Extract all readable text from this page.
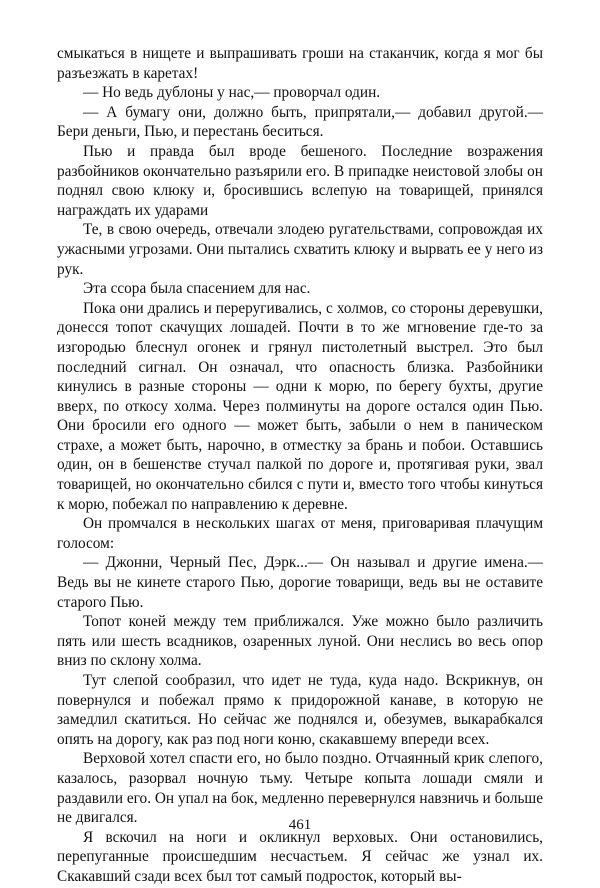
смыкаться в нищете и выпрашивать гроши на стаканчик, когда я мог бы разъезжать в каретах!

— Но ведь дублоны у нас,— проворчал один.

— А бумагу они, должно быть, припрятали,— добавил другой.— Бери деньги, Пью, и перестань беситься.

Пью и правда был вроде бешеного. Последние возражения разбойников окончательно разъярили его. В припадке неистовой злобы он поднял свою клюку и, бросившись вслепую на товарищей, принялся награждать их ударами

Те, в свою очередь, отвечали злодею ругательствами, сопровождая их ужасными угрозами. Они пытались схватить клюку и вырвать ее у него из рук.

Эта ссора была спасением для нас.

Пока они дрались и переругивались, с холмов, со стороны деревушки, донесся топот скачущих лошадей. Почти в то же мгновение где-то за изгородью блеснул огонек и грянул пистолетный выстрел. Это был последний сигнал. Он означал, что опасность близка. Разбойники кинулись в разные стороны — одни к морю, по берегу бухты, другие вверх, по откосу холма. Через полминуты на дороге остался один Пью. Они бросили его одного — может быть, забыли о нем в паническом страхе, а может быть, нарочно, в отместку за брань и побои. Оставшись один, он в бешенстве стучал палкой по дороге и, протягивая руки, звал товарищей, но окончательно сбился с пути и, вместо того чтобы кинуться к морю, побежал по направлению к деревне.

Он промчался в нескольких шагах от меня, приговаривая плачущим голосом:

— Джонни, Черный Пес, Дэрк...— Он называл и другие имена.— Ведь вы не кинете старого Пью, дорогие товарищи, ведь вы не оставите старого Пью.

Топот коней между тем приближался. Уже можно было различить пять или шесть всадников, озаренных луной. Они неслись во весь опор вниз по склону холма.

Тут слепой сообразил, что идет не туда, куда надо. Вскрикнув, он повернулся и побежал прямо к придорожной канаве, в которую не замедлил скатиться. Но сейчас же поднялся и, обезумев, выкарабкался опять на дорогу, как раз под ноги коню, скакавшему впереди всех.

Верховой хотел спасти его, но было поздно. Отчаянный крик слепого, казалось, разорвал ночную тьму. Четыре копыта лошади смяли и раздавили его. Он упал на бок, медленно перевернулся навзничь и больше не двигался.

Я вскочил на ноги и окликнул верховых. Они остановились, перепуганные происшедшим несчастьем. Я сейчас же узнал их. Скакавший сзади всех был тот самый подросток, который вы-

461
